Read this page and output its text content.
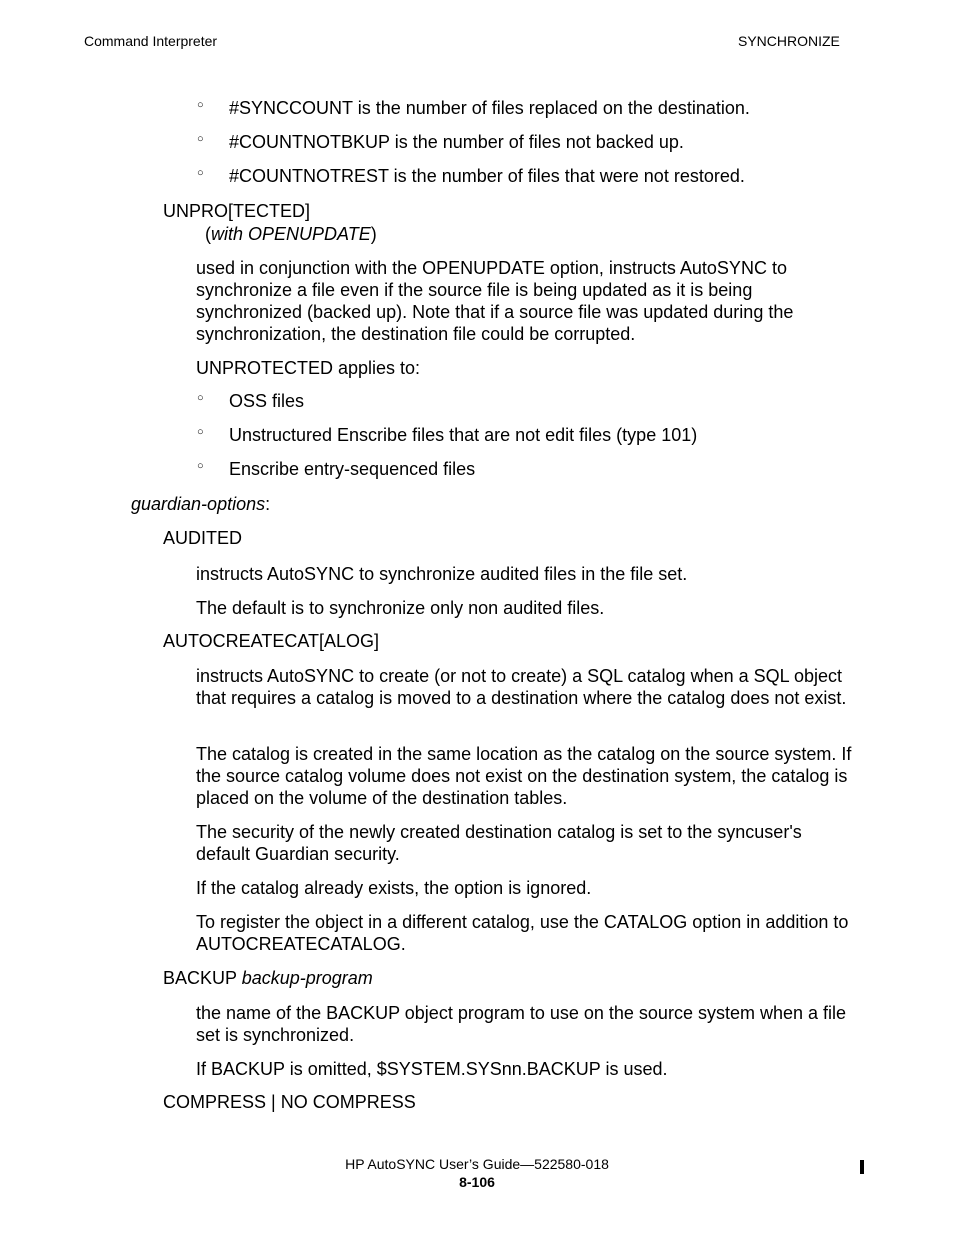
Command Interpreter	SYNCHRONIZE
○ #SYNCCOUNT is the number of files replaced on the destination.
○ #COUNTNOTBKUP is the number of files not backed up.
○ #COUNTNOTREST is the number of files that were not restored.
UNPRO[TECTED]
(with OPENUPDATE)
used in conjunction with the OPENUPDATE option, instructs AutoSYNC to synchronize a file even if the source file is being updated as it is being synchronized (backed up). Note that if a source file was updated during the synchronization, the destination file could be corrupted.
UNPROTECTED applies to:
○ OSS files
○ Unstructured Enscribe files that are not edit files (type 101)
○ Enscribe entry-sequenced files
guardian-options:
AUDITED
instructs AutoSYNC to synchronize audited files in the file set.
The default is to synchronize only non audited files.
AUTOCREATECAT[ALOG]
instructs AutoSYNC to create (or not to create) a SQL catalog when a SQL object that requires a catalog is moved to a destination where the catalog does not exist.
The catalog is created in the same location as the catalog on the source system. If the source catalog volume does not exist on the destination system, the catalog is placed on the volume of the destination tables.
The security of the newly created destination catalog is set to the syncuser's default Guardian security.
If the catalog already exists, the option is ignored.
To register the object in a different catalog, use the CATALOG option in addition to AUTOCREATECATALOG.
BACKUP backup-program
the name of the BACKUP object program to use on the source system when a file set is synchronized.
If BACKUP is omitted, $SYSTEM.SYSnn.BACKUP is used.
COMPRESS | NO COMPRESS
HP AutoSYNC User’s Guide—522580-018
8-106
